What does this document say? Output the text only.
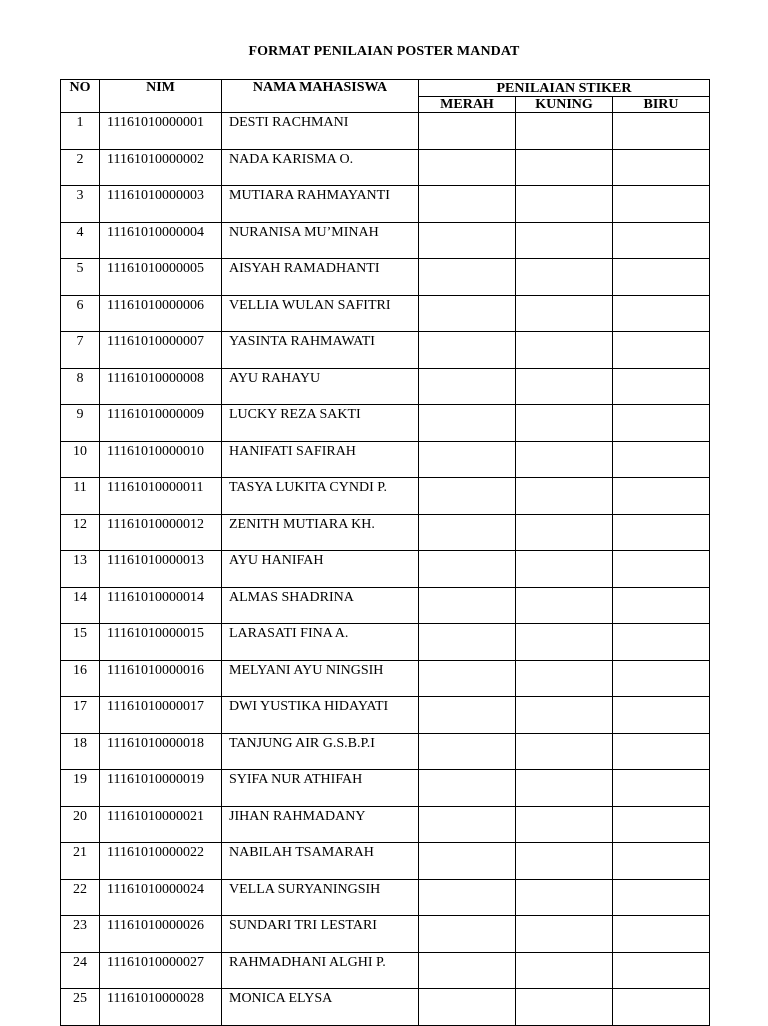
FORMAT PENILAIAN POSTER MANDAT
NO	NIM	NAMA MAHASISWA	PENILAIAN STIKER		
			MERAH	KUNING	BIRU
1	11161010000001	DESTI RACHMANI			
2	11161010000002	NADA KARISMA O.			
3	11161010000003	MUTIARA RAHMAYANTI			
4	11161010000004	NURANISA MU’MINAH			
5	11161010000005	AISYAH RAMADHANTI			
6	11161010000006	VELLIA WULAN SAFITRI			
7	11161010000007	YASINTA RAHMAWATI			
8	11161010000008	AYU RAHAYU			
9	11161010000009	LUCKY REZA SAKTI			
10	11161010000010	HANIFATI SAFIRAH			
11	11161010000011	TASYA LUKITA CYNDI P.			
12	11161010000012	ZENITH MUTIARA KH.			
13	11161010000013	AYU HANIFAH			
14	11161010000014	ALMAS SHADRINA			
15	11161010000015	LARASATI FINA A.			
16	11161010000016	MELYANI AYU NINGSIH			
17	11161010000017	DWI YUSTIKA HIDAYATI			
18	11161010000018	TANJUNG AIR G.S.B.P.I			
19	11161010000019	SYIFA NUR ATHIFAH			
20	11161010000021	JIHAN RAHMADANY			
21	11161010000022	NABILAH TSAMARAH			
22	11161010000024	VELLA SURYANINGSIH			
23	11161010000026	SUNDARI TRI LESTARI			
24	11161010000027	RAHMADHANI ALGHI P.			
25	11161010000028	MONICA ELYSA			
